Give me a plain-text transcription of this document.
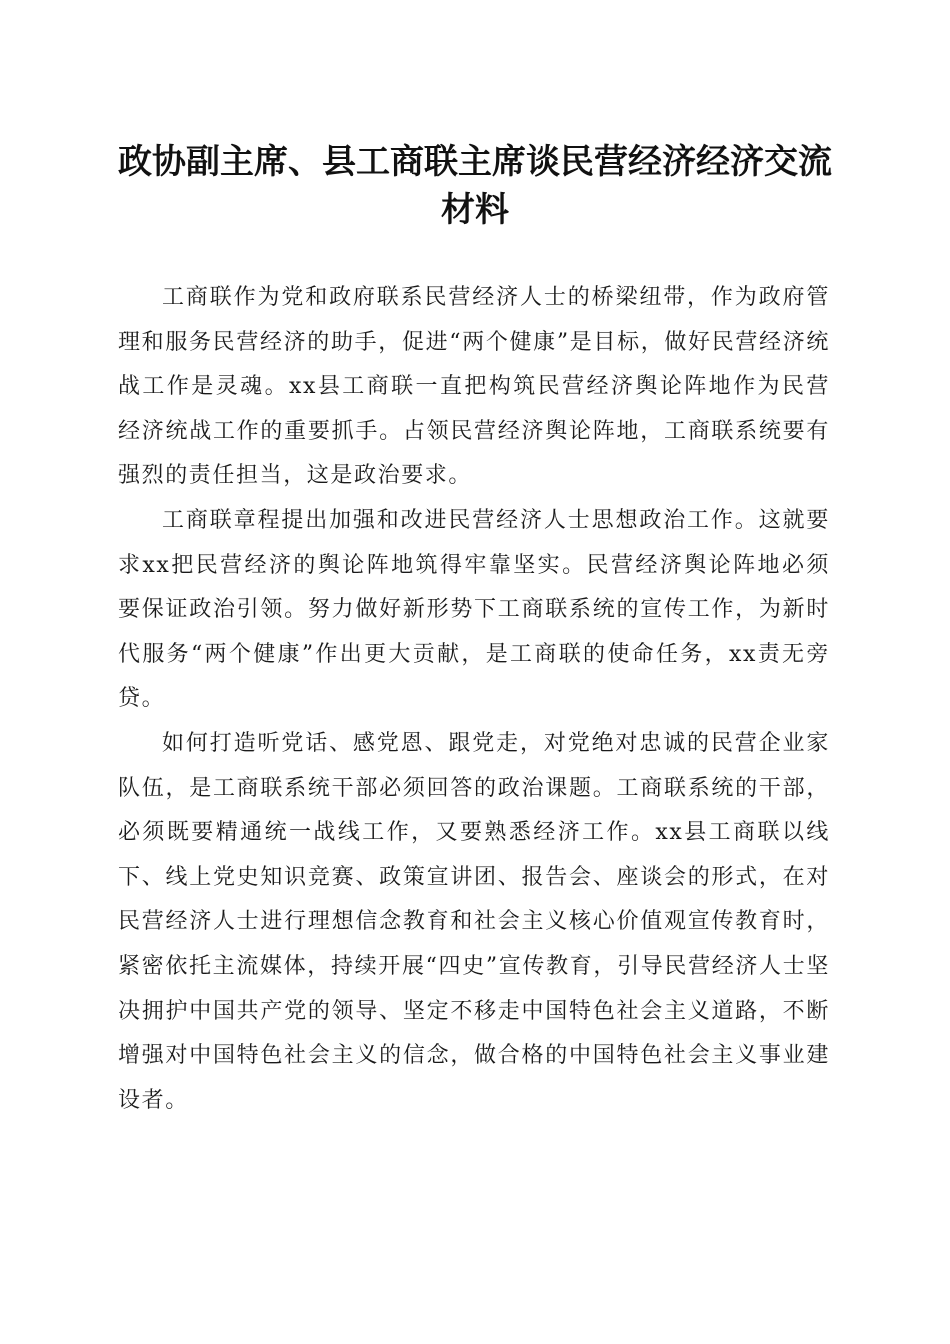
政协副主席、县工商联主席谈民营经济经济交流材料

工商联作为党和政府联系民营经济人士的桥梁纽带，作为政府管理和服务民营经济的助手，促进“两个健康”是目标，做好民营经济统战工作是灵魂。xx县工商联一直把构筑民营经济舆论阵地作为民营经济统战工作的重要抓手。占领民营经济舆论阵地，工商联系统要有强烈的责任担当，这是政治要求。

工商联章程提出加强和改进民营经济人士思想政治工作。这就要求xx把民营经济的舆论阵地筑得牢靠坚实。民营经济舆论阵地必须要保证政治引领。努力做好新形势下工商联系统的宣传工作，为新时代服务“两个健康”作出更大贡献，是工商联的使命任务，xx责无旁贷。

如何打造听党话、感党恩、跟党走，对党绝对忠诚的民营企业家队伍，是工商联系统干部必须回答的政治课题。工商联系统的干部，必须既要精通统一战线工作，又要熟悉经济工作。xx县工商联以线下、线上党史知识竞赛、政策宣讲团、报告会、座谈会的形式，在对民营经济人士进行理想信念教育和社会主义核心价值观宣传教育时，紧密依托主流媒体，持续开展“四史”宣传教育，引导民营经济人士坚决拥护中国共产党的领导、坚定不移走中国特色社会主义道路，不断增强对中国特色社会主义的信念，做合格的中国特色社会主义事业建设者。
